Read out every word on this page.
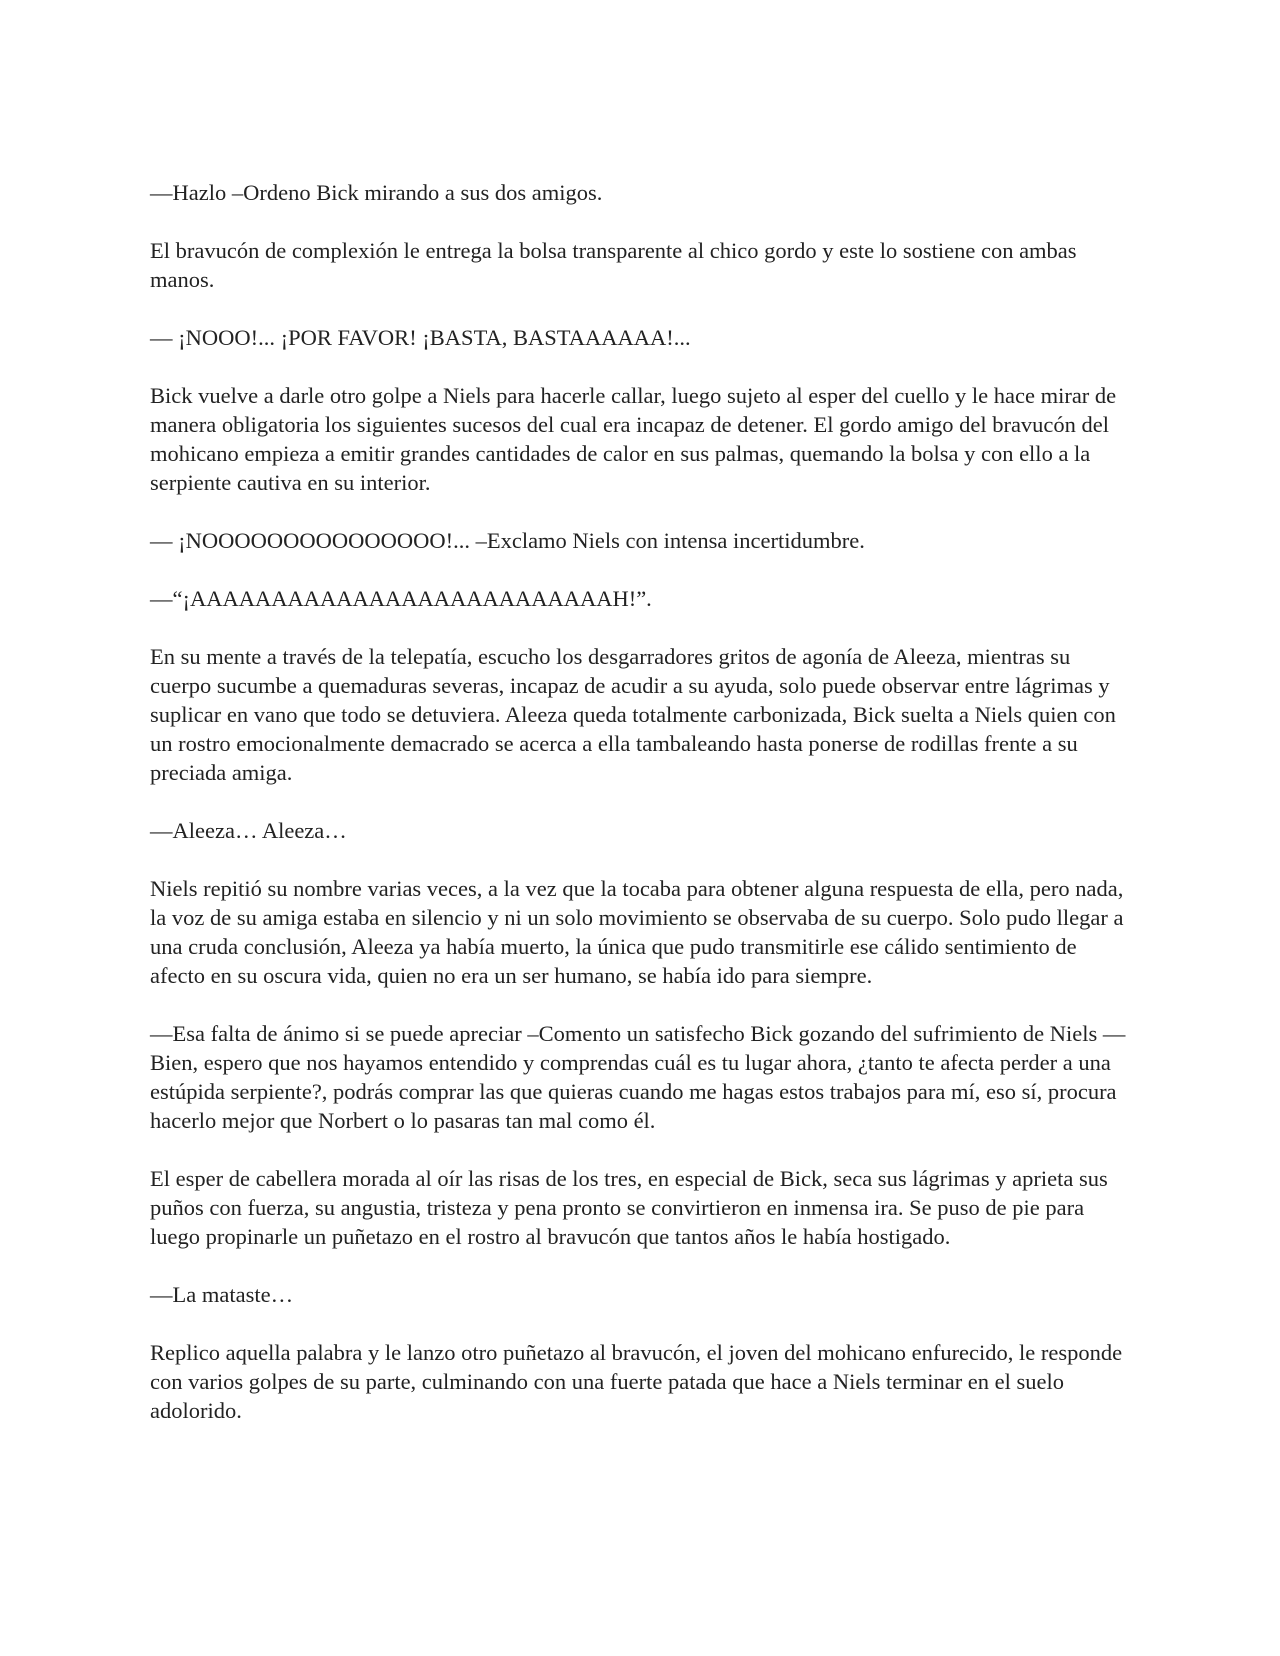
—Hazlo –Ordeno Bick mirando a sus dos amigos.

El bravucón de complexión le entrega la bolsa transparente al chico gordo y este lo sostiene con ambas manos.

— ¡NOOO!... ¡POR FAVOR! ¡BASTA, BASTAAAAAA!...

Bick vuelve a darle otro golpe a Niels para hacerle callar, luego sujeto al esper del cuello y le hace mirar de manera obligatoria los siguientes sucesos del cual era incapaz de detener. El gordo amigo del bravucón del mohicano empieza a emitir grandes cantidades de calor en sus palmas, quemando la bolsa y con ello a la serpiente cautiva en su interior.

— ¡NOOOOOOOOOOOOOOO!... –Exclamo Niels con intensa incertidumbre.

—“¡AAAAAAAAAAAAAAAAAAAAAAAAAAH!”.

En su mente a través de la telepatía, escucho los desgarradores gritos de agonía de Aleeza, mientras su cuerpo sucumbe a quemaduras severas, incapaz de acudir a su ayuda, solo puede observar entre lágrimas y suplicar en vano que todo se detuviera. Aleeza queda totalmente carbonizada, Bick suelta a Niels quien con un rostro emocionalmente demacrado se acerca a ella tambaleando hasta ponerse de rodillas frente a su preciada amiga.

—Aleeza… Aleeza…

Niels repitió su nombre varias veces, a la vez que la tocaba para obtener alguna respuesta de ella, pero nada, la voz de su amiga estaba en silencio y ni un solo movimiento se observaba de su cuerpo. Solo pudo llegar a una cruda conclusión, Aleeza ya había muerto, la única que pudo transmitirle ese cálido sentimiento de afecto en su oscura vida, quien no era un ser humano, se había ido para siempre.

—Esa falta de ánimo si se puede apreciar –Comento un satisfecho Bick gozando del sufrimiento de Niels —Bien, espero que nos hayamos entendido y comprendas cuál es tu lugar ahora, ¿tanto te afecta perder a una estúpida serpiente?, podrás comprar las que quieras cuando me hagas estos trabajos para mí, eso sí, procura hacerlo mejor que Norbert o lo pasaras tan mal como él.

El esper de cabellera morada al oír las risas de los tres, en especial de Bick, seca sus lágrimas y aprieta sus puños con fuerza, su angustia, tristeza y pena pronto se convirtieron en inmensa ira. Se puso de pie para luego propinarle un puñetazo en el rostro al bravucón que tantos años le había hostigado.

—La mataste…

Replico aquella palabra y le lanzo otro puñetazo al bravucón, el joven del mohicano enfurecido, le responde con varios golpes de su parte, culminando con una fuerte patada que hace a Niels terminar en el suelo adolorido.
